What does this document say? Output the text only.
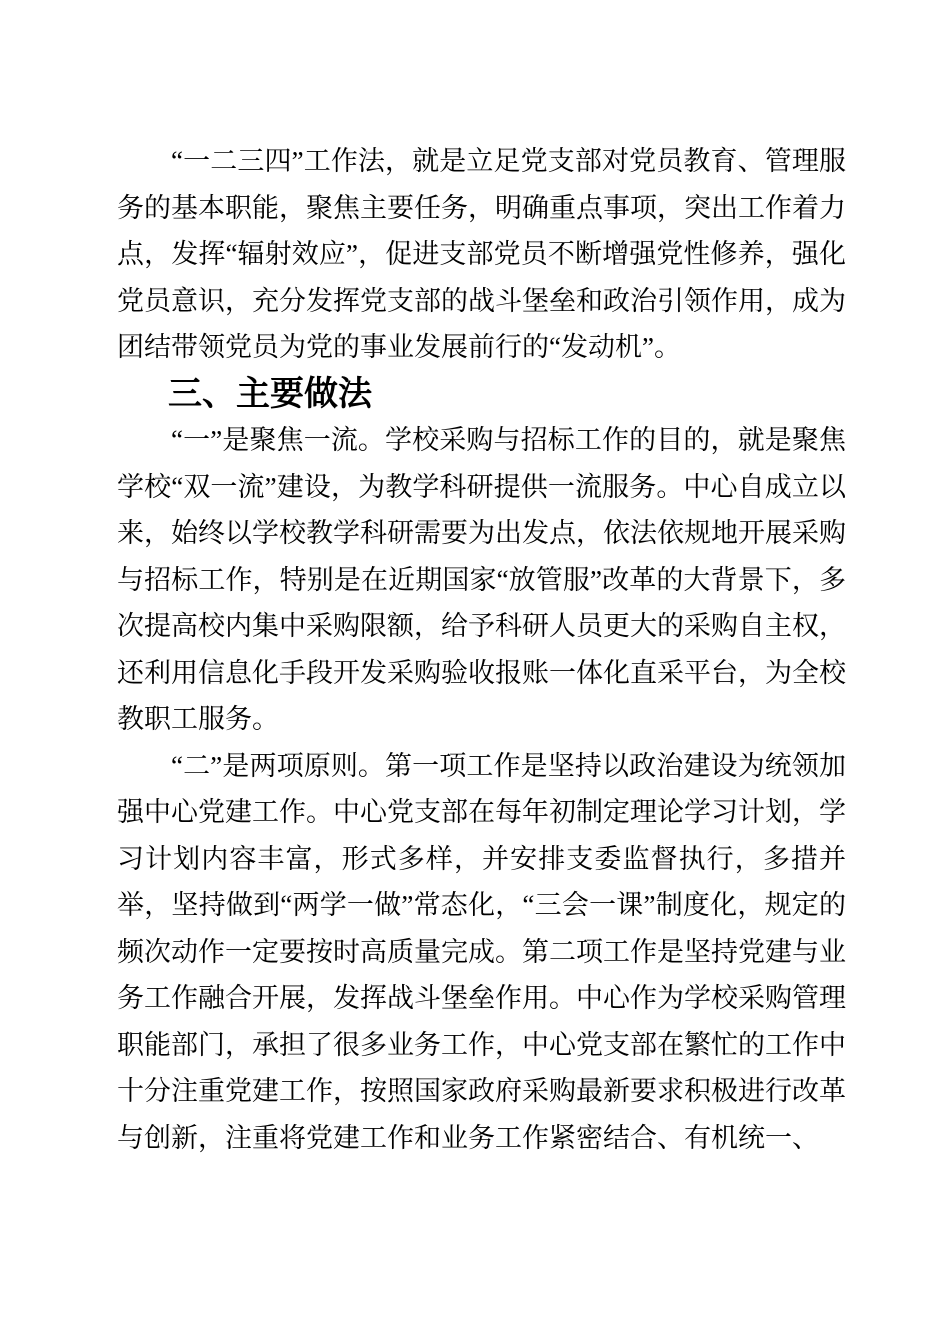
“一二三四”工作法，就是立足党支部对党员教育、管理服务的基本职能，聚焦主要任务，明确重点事项，突出工作着力点，发挥“辐射效应”，促进支部党员不断增强党性修养，强化党员意识，充分发挥党支部的战斗堡垒和政治引领作用，成为团结带领党员为党的事业发展前行的“发动机”。

三、主要做法

“一”是聚焦一流。学校采购与招标工作的目的，就是聚焦学校“双一流”建设，为教学科研提供一流服务。中心自成立以来，始终以学校教学科研需要为出发点，依法依规地开展采购与招标工作，特别是在近期国家“放管服”改革的大背景下，多次提高校内集中采购限额，给予科研人员更大的采购自主权，还利用信息化手段开发采购验收报账一体化直采平台，为全校教职工服务。

“二”是两项原则。第一项工作是坚持以政治建设为统领加强中心党建工作。中心党支部在每年初制定理论学习计划，学习计划内容丰富，形式多样，并安排支委监督执行，多措并举，坚持做到“两学一做”常态化，“三会一课”制度化，规定的频次动作一定要按时高质量完成。第二项工作是坚持党建与业务工作融合开展，发挥战斗堡垒作用。中心作为学校采购管理职能部门，承担了很多业务工作，中心党支部在繁忙的工作中十分注重党建工作，按照国家政府采购最新要求积极进行改革与创新，注重将党建工作和业务工作紧密结合、有机统一、
